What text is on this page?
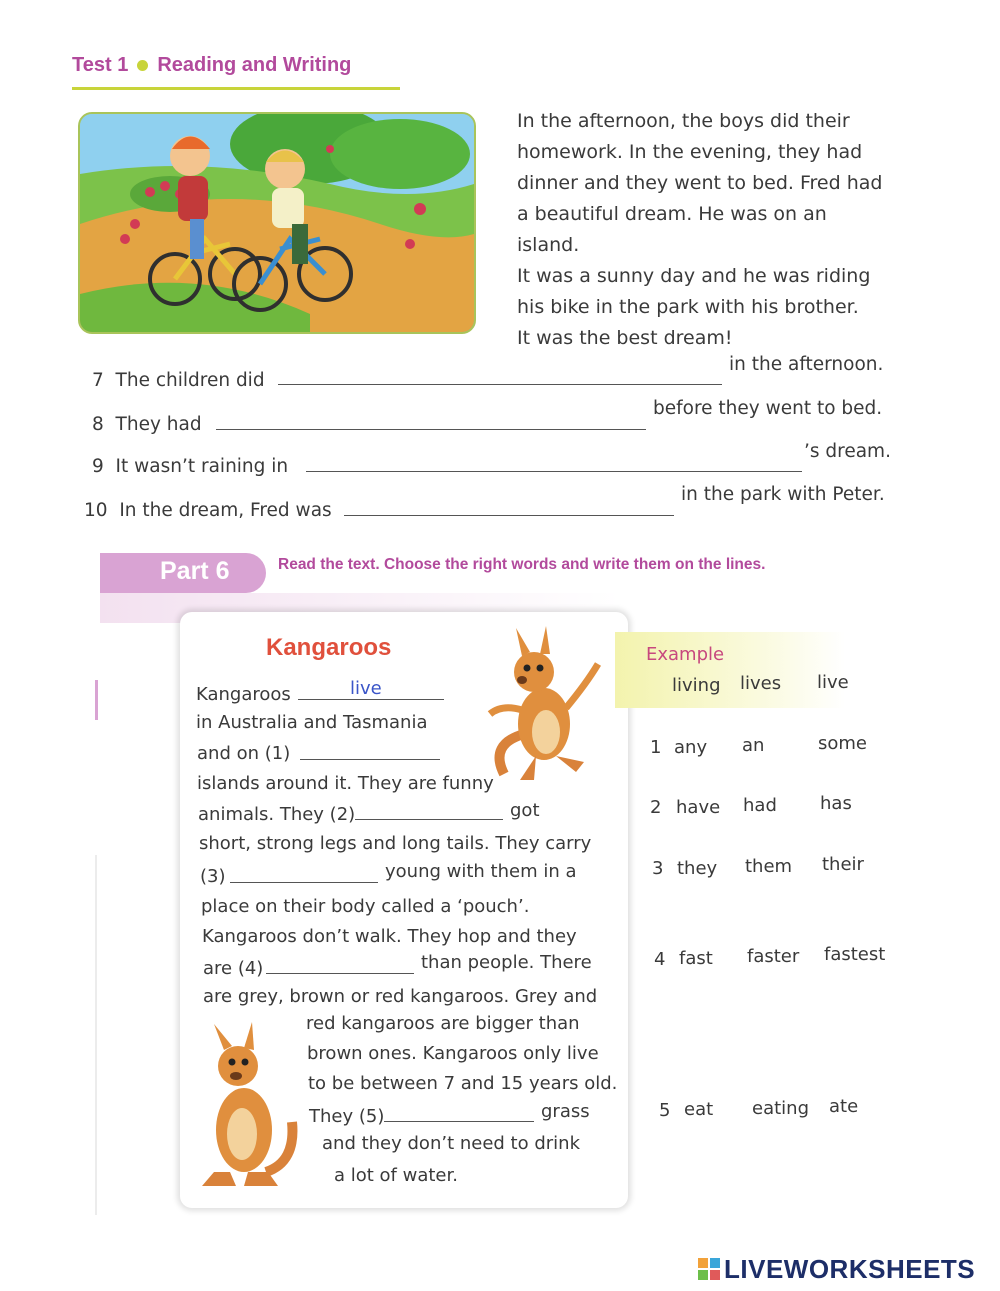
Test 1 Reading and Writing
In the afternoon, the boys did their
homework. In the evening, they had
dinner and they went to bed. Fred had
a beautiful dream. He was on an island.
It was a sunny day and he was riding
his bike in the park with his brother.
It was the best dream!
7 The children did
in the afternoon.
8 They had
before they went to bed.
9 It wasn’t raining in
’s dream.
10 In the dream, Fred was
in the park with Peter.
Part 6	Read the text. Choose the right words and write them on the lines.
Kangaroos
Kangaroos	live
in Australia and Tasmania
and on (1)
islands around it. They are funny
animals. They (2)	got
short, strong legs and long tails. They carry
(3)	young with them in a
place on their body called a ‘pouch’.
Kangaroos don’t walk. They hop and they
are (4)	than people. There
are grey, brown or red kangaroos. Grey and
red kangaroos are bigger than
brown ones. Kangaroos only live
to be between 7 and 15 years old.
They (5)	grass
and they don’t need to drink
a lot of water.
Example
living lives live
1 any an	some
2 have had has
3 they them their
4 fast faster fastest
5 eat eating ate
LIVEWORKSHEETS
